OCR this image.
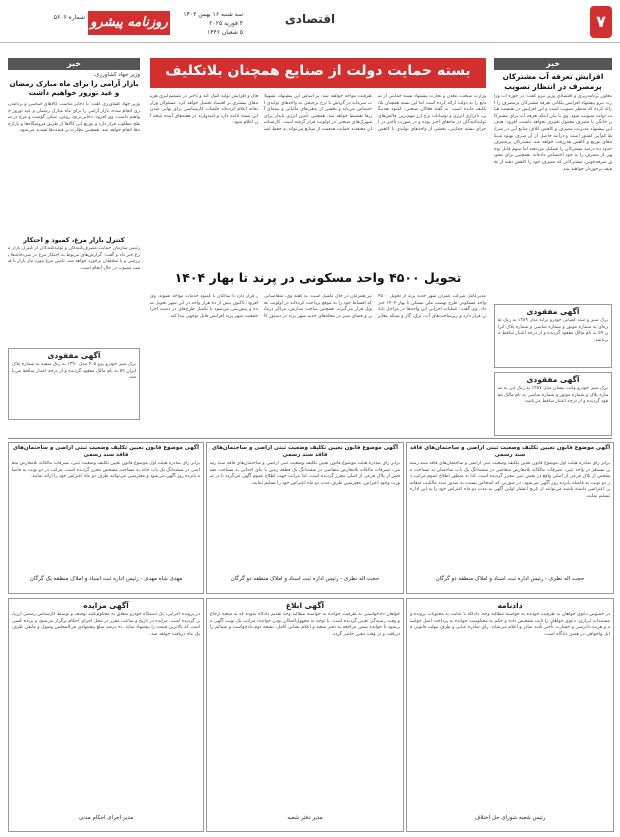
۷
اقتصادی
روزنامه پیشرو
سه شنبه ۱۶ بهمن ۱۴۰۳
۴ فوریه ۲۰۲۵
۵ شعبان ۱۴۴۶
شماره ۵۶۰۶
خبر
افزایش تعرفه آب مشترکان پرمصرف در انتظار تصویب
معاون برنامه‌ریزی و اقتصادی وزیر نیرو گفت: در حوزه آب وزارت نیرو پیشنهاد افزایش پلکانی تعرفه مشترکان پرمصرف را ارائه کرده که منتظر تصویب است و این افزایش در نشست هیئت دولت تصویب شود. وی با بیان اینکه تعرفه آب برای مشترکان خانگی با مصرف معمول تغییری نخواهد داشت، افزود: هدف این پیشنهاد مدیریت مصرف و کاهش اتلاف منابع آبی در شرایط کم‌آبی کشور است و درآمد حاصل از آن صرف بهبود شبکه‌های توزیع و کاهش هدررفت خواهد شد. مشترکان پرمصرف حدود ده درصد مشترکان را تشکیل می‌دهند اما سهم قابل توجهی از مصرف را به خود اختصاص داده‌اند. همچنین برای تشویق صرفه‌جویی، مشترکانی که مصرف خود را کاهش دهند از تخفیف برخوردار خواهند شد.
آگهی مفقودی
برگ سبز و سند کمپانی خودرو پراید مدل ۱۳۸۹ به رنگ نقره‌ای به شماره موتور و شماره شاسی و شماره پلاک ایران ۵۹ به نام مالک مفقود گردیده و از درجه اعتبار ساقط می‌باشد.
آگهی مفقودی
برگ سبز خودرو وانت نیسان مدل ۱۳۸۷ به رنگ آبی به شماره پلاک و شماره موتور و شماره شاسی به نام مالک مفقود گردیده و از درجه اعتبار ساقط می‌باشد.
بسته حمایت دولت از صنایع همچنان بلاتکلیف
وزارت صنعت، معدن و تجارت پیشنهاد بسته حمایتی از صنایع را به دولت ارائه کرده است اما این بسته همچنان بلاتکلیف مانده است. به گفته فعالان صنعتی، کمبود نقدینگی، ناترازی انرژی و نوسانات نرخ ارز مهم‌ترین چالش‌های تولیدکنندگان در ماه‌های اخیر بوده و در صورت تأخیر در اجرای بسته حمایتی، بخشی از واحدهای تولیدی با کاهش ظرفیت مواجه خواهند شد. بر اساس این پیشنهاد، تسهیلات سرمایه در گردش با نرخ ترجیحی به واحدهای تولیدی اختصاص می‌یابد و بخشی از بدهی‌های مالیاتی و بیمه‌ای آن‌ها تقسیط خواهد شد. همچنین تأمین انرژی پایدار برای شهرک‌های صنعتی در اولویت قرار گرفته است. کارشناسان معتقدند حمایت هدفمند از صنایع می‌تواند به حفظ اشتغال و افزایش تولید کمک کند و تأخیر در تصمیم‌گیری هزینه‌های بیشتری بر اقتصاد تحمیل خواهد کرد. مسئولان وزارتخانه اعلام کرده‌اند جلسات کارشناسی برای نهایی شدن این بسته ادامه دارد و امیدوارند در هفته‌های آینده نتیجه آن اعلام شود.
تحویل ۴۵۰۰ واحد مسکونی در پرند تا بهار ۱۴۰۴
مدیرعامل شرکت عمران شهر جدید پرند از تحویل ۴۵۰۰ واحد مسکونی طرح نهضت ملی مسکن تا بهار ۱۴۰۴ خبر داد. وی گفت: عملیات اجرایی این واحدها در مراحل پایانی قرار دارد و زیرساخت‌های آب، برق، گاز و شبکه معابر نیز همزمان در حال تکمیل است. به گفته وی، متقاضیانی که اقساط خود را به موقع پرداخت کرده‌اند در اولویت تحویل قرار می‌گیرند. همچنین ساخت مدارس، مراکز درمانی و فضای سبز در محله‌های جدید شهر پرند در دستور کار قرار دارد تا ساکنان با کمبود خدمات مواجه نشوند. وی افزود: تاکنون بیش از ده هزار واحد در این شهر تحویل شده و پیش‌بینی می‌شود با تکمیل طرح‌های در دست اجرا جمعیت شهر پرند افزایش قابل توجهی پیدا کند.
خبر
وزیر جهاد کشاورزی:
بازار آرامی را برای ماه مبارک رمضان و عید نوروز خواهیم داشت
وزیر جهاد کشاورزی گفت: با ذخایر مناسب کالاهای اساسی و برنامه‌ریزی انجام شده، بازار آرامی را برای ماه مبارک رمضان و عید نوروز خواهیم داشت. وی افزود: ذخایر برنج، روغن، شکر، گوشت و مرغ در سطح مطلوب قرار دارد و توزیع این کالاها از طریق فروشگاه‌ها و بازارچه‌ها انجام خواهد شد. همچنین نظارت بر قیمت‌ها تشدید می‌شود.
کنترل بازار مرغ، کمبود و احتکار
رئیس سازمان حمایت مصرف‌کنندگان و تولیدکنندگان از کنترل بازار مرغ خبر داد و گفت: گزارش‌های مربوط به احتکار مرغ در سردخانه‌ها بررسی و با متخلفان برخورد خواهد شد. تامین مرغ مورد نیاز بازار با قیمت مصوب در حال انجام است.
آگهی مفقودی
برگ سبز خودرو پژو ۴۰۵ مدل ۱۳۹۰ به رنگ سفید به شماره پلاک ایران ۵۹ به نام مالک مفقود گردیده و از درجه اعتبار ساقط می‌باشد.
آگهی موضوع قانون تعیین تکلیف وضعیت ثبتی اراضی و ساختمان‌های فاقد سند رسمی
برابر رای صادره هیئت اول موضوع قانون تعیین تکلیف وضعیت ثبتی اراضی و ساختمان‌های فاقد سند رسمی مستقر در واحد ثبتی، تصرفات مالکانه بلامعارض متقاضی در ششدانگ یک باب ساختمان به مساحت مشخص از پلاک فرعی از اصلی واقع در بخش ثبتی محرز گردیده است. لذا به منظور اطلاع عموم مراتب در دو نوبت به فاصله پانزده روز آگهی می‌شود. در صورتی که اشخاص نسبت به صدور سند مالکیت متقاضی اعتراضی داشته باشند می‌توانند از تاریخ انتشار اولین آگهی به مدت دو ماه اعتراض خود را به این اداره تسلیم نمایند.
حجت اله نظری - رئیس اداره ثبت اسناد و املاک منطقه دو گرگان
آگهی موضوع قانون تعیین تکلیف وضعیت ثبتی اراضی و ساختمان‌های فاقد سند رسمی
برابر رای صادره هیئت موضوع قانون تعیین تکلیف وضعیت ثبتی اراضی و ساختمان‌های فاقد سند رسمی، تصرفات مالکانه بلامعارض متقاضی در ششدانگ یک قطعه زمین با بنای احداثی به مساحت مشخص از پلاک فرعی از اصلی محرز گردیده است. لذا مراتب جهت اطلاع عموم آگهی می‌گردد تا در صورت وجود اعتراض، معترضین ظرف مدت دو ماه اعتراض خود را تسلیم نمایند.
حجت اله نظری - رئیس اداره ثبت اسناد و املاک منطقه دو گرگان
آگهی موضوع قانون تعیین تکلیف وضعیت ثبتی اراضی و ساختمان‌های فاقد سند رسمی
برابر رای صادره هیئت اول موضوع قانون تعیین تکلیف وضعیت ثبتی، تصرفات مالکانه بلامعارض متقاضی در ششدانگ یک باب خانه به مساحت مشخص محرز گردیده است. مراتب در دو نوبت به فاصله پانزده روز آگهی می‌شود و معترضین می‌توانند ظرف دو ماه اعتراض خود را ارائه نمایند.
مهدی شاه مهدی - رئیس اداره ثبت اسناد و املاک منطقه یک گرگان
دادنامه
در خصوص دعوی خواهان به طرفیت خوانده به خواسته مطالبه وجه، دادگاه با عنایت به محتویات پرونده و مستندات ابرازی، دعوی خواهان را ثابت تشخیص داده و حکم به محکومیت خوانده به پرداخت اصل خواسته و هزینه دادرسی و خسارت تأخیر تأدیه صادر و اعلام می‌نماید. رای صادره غیابی و ظرف مهلت قانونی قابل واخواهی در همین دادگاه است.
رئیس شعبه شورای حل اختلاف
آگهی ابلاغ
خواهان دادخواستی به طرفیت خوانده به خواسته مطالبه وجه تقدیم دادگاه نموده که به شعبه ارجاع و وقت رسیدگی تعیین گردیده است. با توجه به مجهول‌المکان بودن خوانده، مراتب یک نوبت آگهی می‌شود تا خوانده ضمن مراجعه به دفتر شعبه و اعلام نشانی کامل، نسخه دوم دادخواست و ضمائم را دریافت و در وقت مقرر حاضر گردد.
مدیر دفتر شعبه
آگهی مزایده
در پرونده اجرایی، یک دستگاه خودرو متعلق به محکوم‌علیه توقیف و توسط کارشناس رسمی ارزیابی گردیده است. مزایده در تاریخ و ساعت مقرر در محل اجرای احکام برگزار می‌شود و برنده کسی است که بالاترین قیمت را پیشنهاد نماید. ده درصد مبلغ پیشنهادی فی‌المجلس وصول و مابقی ظرف یک ماه دریافت خواهد شد.
مدیر اجرای احکام مدنی
